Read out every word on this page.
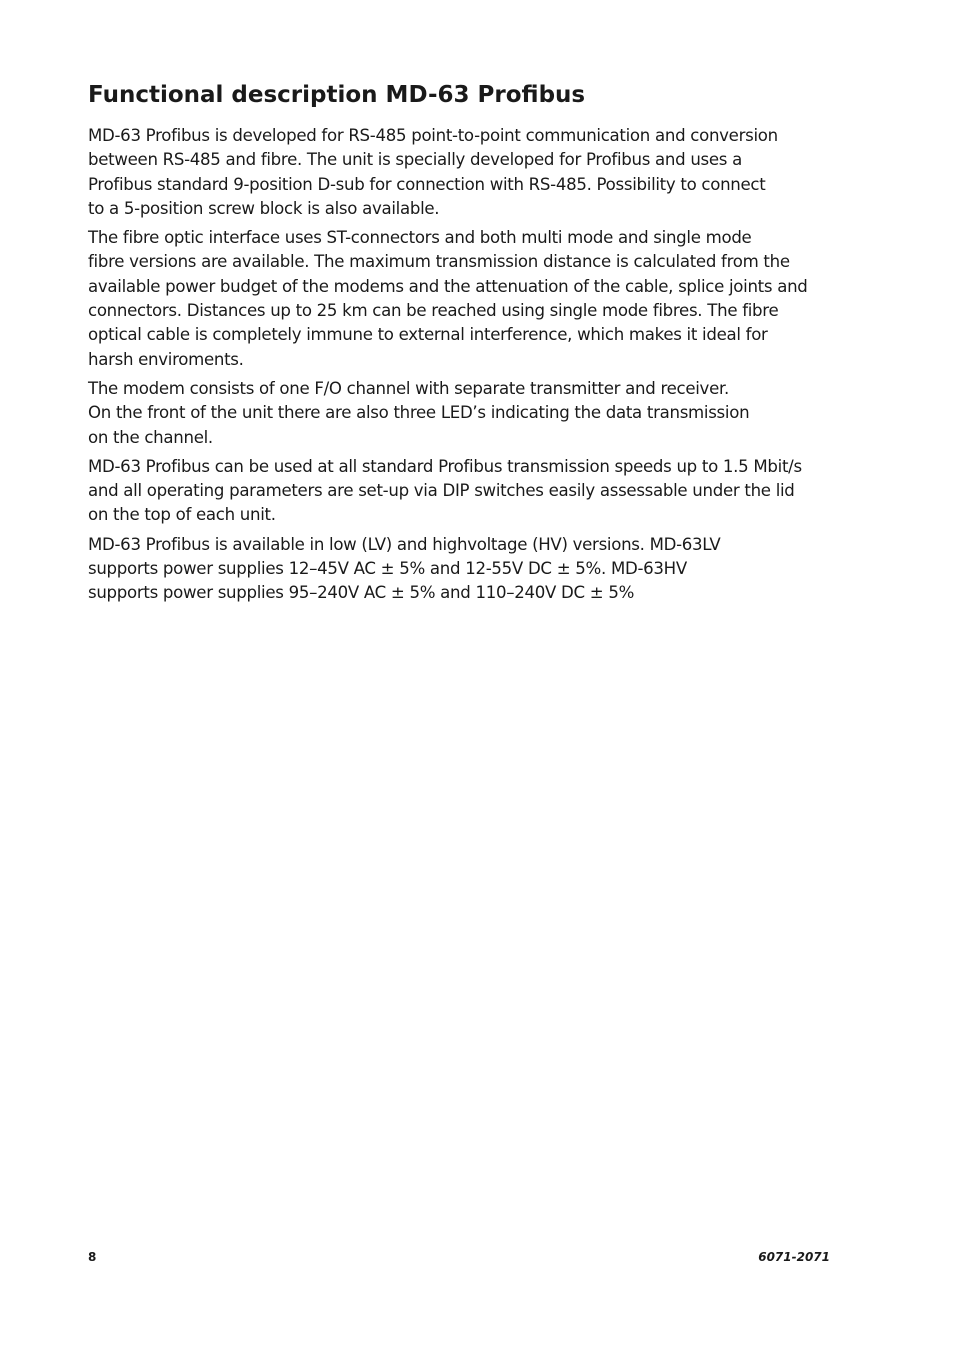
Functional description MD-63 Profibus

MD-63 Profibus is developed for RS-485 point-to-point communication and conversion
between RS-485 and fibre. The unit is specially developed for Profibus and uses a
Profibus standard 9-position D-sub for connection with RS-485. Possibility to connect
to a 5-position screw block is also available.

The fibre optic interface uses ST-connectors and both multi mode and single mode
fibre versions are available. The maximum transmission distance is calculated from the
available power budget of the modems and the attenuation of the cable, splice joints and
connectors. Distances up to 25 km can be reached using single mode fibres. The fibre
optical cable is completely immune to external interference, which makes it ideal for
harsh enviroments.

The modem consists of one F/O channel with separate transmitter and receiver.
On the front of the unit there are also three LED’s indicating the data transmission
on the channel.

MD-63 Profibus can be used at all standard Profibus transmission speeds up to 1.5 Mbit/s
and all operating parameters are set-up via DIP switches easily assessable under the lid
on the top of each unit.

MD-63 Profibus is available in low (LV) and highvoltage (HV) versions. MD-63LV
supports power supplies 12–45V AC ± 5% and 12-55V DC ± 5%. MD-63HV
supports power supplies 95–240V AC ± 5% and 110–240V DC ± 5%

8	6071-2071
